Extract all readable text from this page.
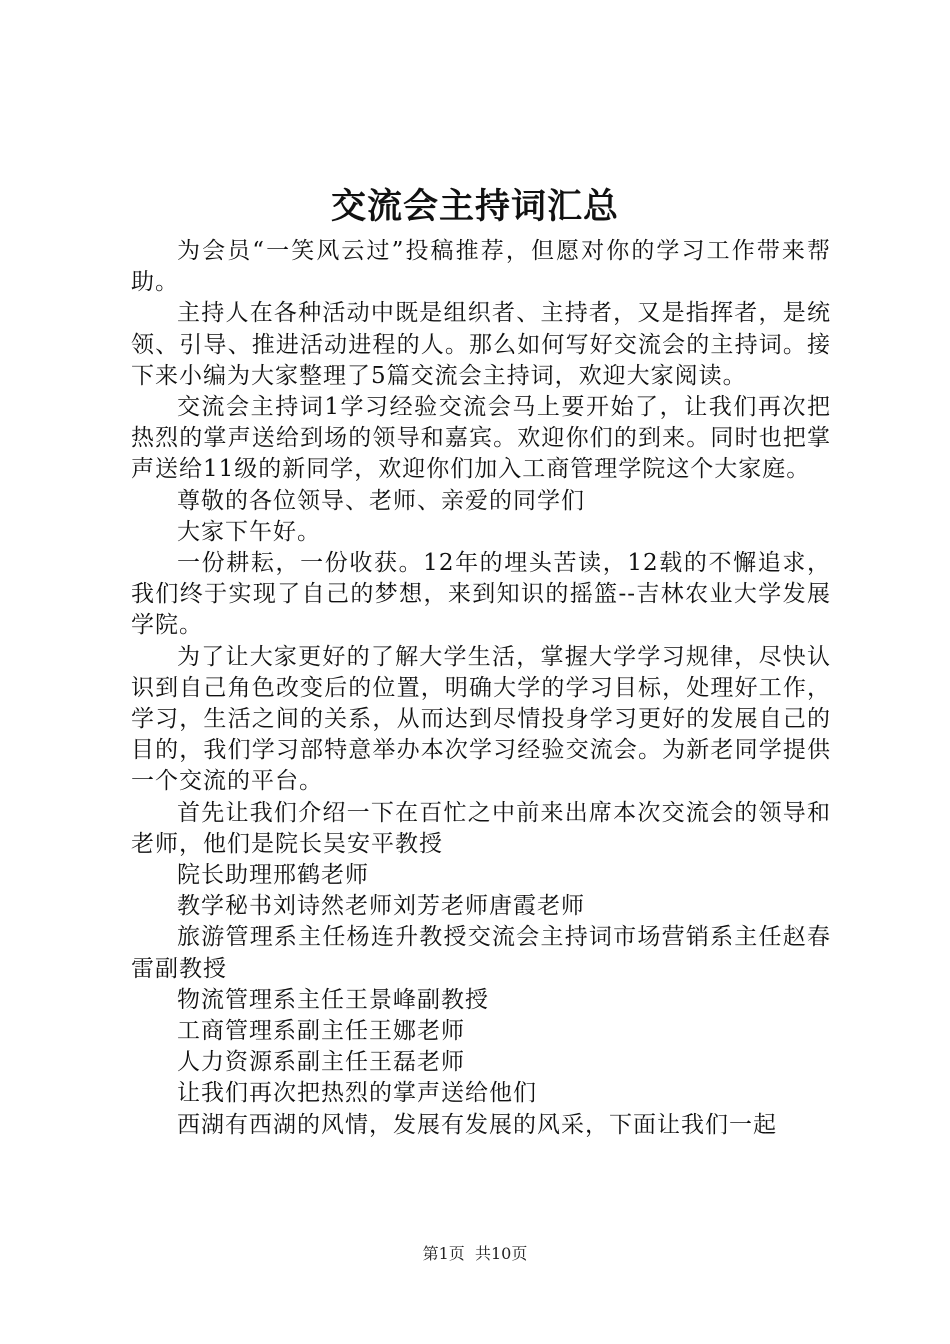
交流会主持词汇总

为会员“一笑风云过”投稿推荐，但愿对你的学习工作带来帮助。

主持人在各种活动中既是组织者、主持者，又是指挥者，是统领、引导、推进活动进程的人。那么如何写好交流会的主持词。接下来小编为大家整理了5篇交流会主持词，欢迎大家阅读。

交流会主持词1学习经验交流会马上要开始了，让我们再次把热烈的掌声送给到场的领导和嘉宾。欢迎你们的到来。同时也把掌声送给11级的新同学，欢迎你们加入工商管理学院这个大家庭。

尊敬的各位领导、老师、亲爱的同学们

大家下午好。

一份耕耘，一份收获。12年的埋头苦读，12载的不懈追求，我们终于实现了自己的梦想，来到知识的摇篮--吉林农业大学发展学院。

为了让大家更好的了解大学生活，掌握大学学习规律，尽快认识到自己角色改变后的位置，明确大学的学习目标，处理好工作，学习，生活之间的关系，从而达到尽情投身学习更好的发展自己的目的，我们学习部特意举办本次学习经验交流会。为新老同学提供一个交流的平台。

首先让我们介绍一下在百忙之中前来出席本次交流会的领导和老师，他们是院长吴安平教授

院长助理邢鹤老师

教学秘书刘诗然老师刘芳老师唐霞老师

旅游管理系主任杨连升教授交流会主持词市场营销系主任赵春雷副教授

物流管理系主任王景峰副教授

工商管理系副主任王娜老师

人力资源系副主任王磊老师

让我们再次把热烈的掌声送给他们

西湖有西湖的风情，发展有发展的风采，下面让我们一起

第1页 共10页
